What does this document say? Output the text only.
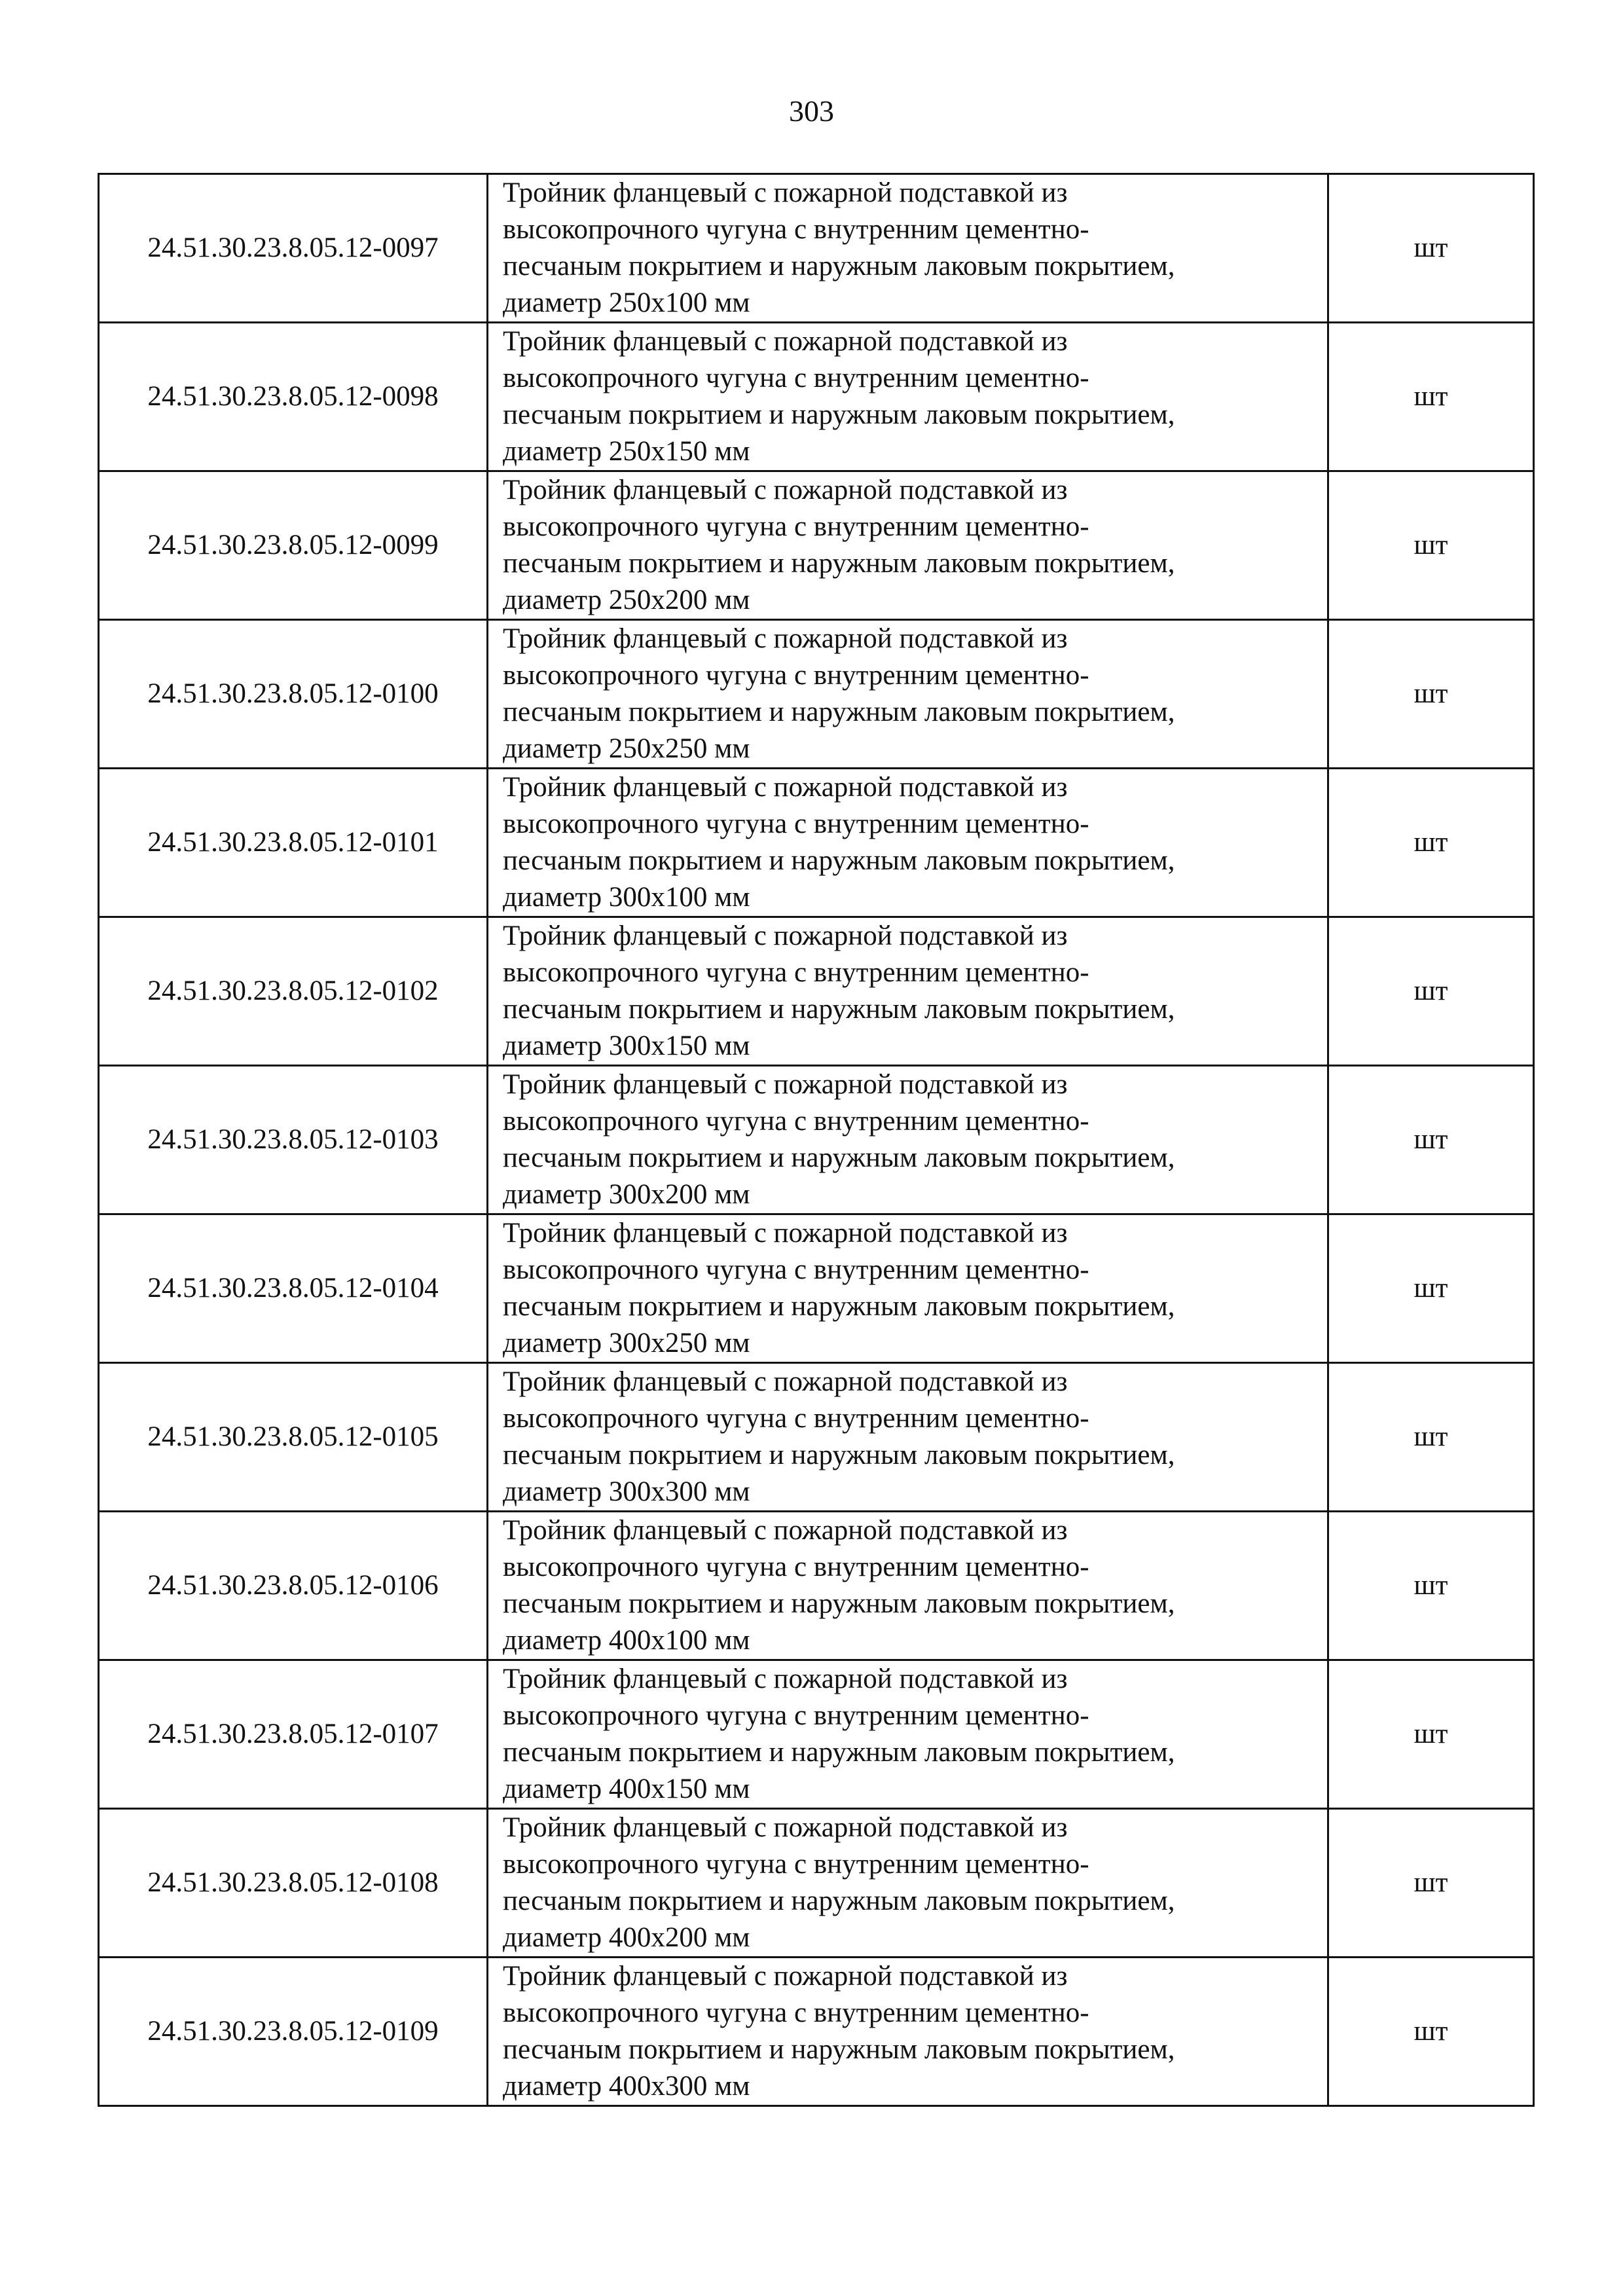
303
24.51.30.23.8.05.12-0097	Тройник фланцевый с пожарной подставкой из
высокопрочного чугуна с внутренним цементно-
песчаным покрытием и наружным лаковым покрытием,
диаметр 250х100 мм	шт
24.51.30.23.8.05.12-0098	Тройник фланцевый с пожарной подставкой из
высокопрочного чугуна с внутренним цементно-
песчаным покрытием и наружным лаковым покрытием,
диаметр 250х150 мм	шт
24.51.30.23.8.05.12-0099	Тройник фланцевый с пожарной подставкой из
высокопрочного чугуна с внутренним цементно-
песчаным покрытием и наружным лаковым покрытием,
диаметр 250х200 мм	шт
24.51.30.23.8.05.12-0100	Тройник фланцевый с пожарной подставкой из
высокопрочного чугуна с внутренним цементно-
песчаным покрытием и наружным лаковым покрытием,
диаметр 250х250 мм	шт
24.51.30.23.8.05.12-0101	Тройник фланцевый с пожарной подставкой из
высокопрочного чугуна с внутренним цементно-
песчаным покрытием и наружным лаковым покрытием,
диаметр 300х100 мм	шт
24.51.30.23.8.05.12-0102	Тройник фланцевый с пожарной подставкой из
высокопрочного чугуна с внутренним цементно-
песчаным покрытием и наружным лаковым покрытием,
диаметр 300х150 мм	шт
24.51.30.23.8.05.12-0103	Тройник фланцевый с пожарной подставкой из
высокопрочного чугуна с внутренним цементно-
песчаным покрытием и наружным лаковым покрытием,
диаметр 300х200 мм	шт
24.51.30.23.8.05.12-0104	Тройник фланцевый с пожарной подставкой из
высокопрочного чугуна с внутренним цементно-
песчаным покрытием и наружным лаковым покрытием,
диаметр 300х250 мм	шт
24.51.30.23.8.05.12-0105	Тройник фланцевый с пожарной подставкой из
высокопрочного чугуна с внутренним цементно-
песчаным покрытием и наружным лаковым покрытием,
диаметр 300х300 мм	шт
24.51.30.23.8.05.12-0106	Тройник фланцевый с пожарной подставкой из
высокопрочного чугуна с внутренним цементно-
песчаным покрытием и наружным лаковым покрытием,
диаметр 400х100 мм	шт
24.51.30.23.8.05.12-0107	Тройник фланцевый с пожарной подставкой из
высокопрочного чугуна с внутренним цементно-
песчаным покрытием и наружным лаковым покрытием,
диаметр 400х150 мм	шт
24.51.30.23.8.05.12-0108	Тройник фланцевый с пожарной подставкой из
высокопрочного чугуна с внутренним цементно-
песчаным покрытием и наружным лаковым покрытием,
диаметр 400х200 мм	шт
24.51.30.23.8.05.12-0109	Тройник фланцевый с пожарной подставкой из
высокопрочного чугуна с внутренним цементно-
песчаным покрытием и наружным лаковым покрытием,
диаметр 400х300 мм	шт
